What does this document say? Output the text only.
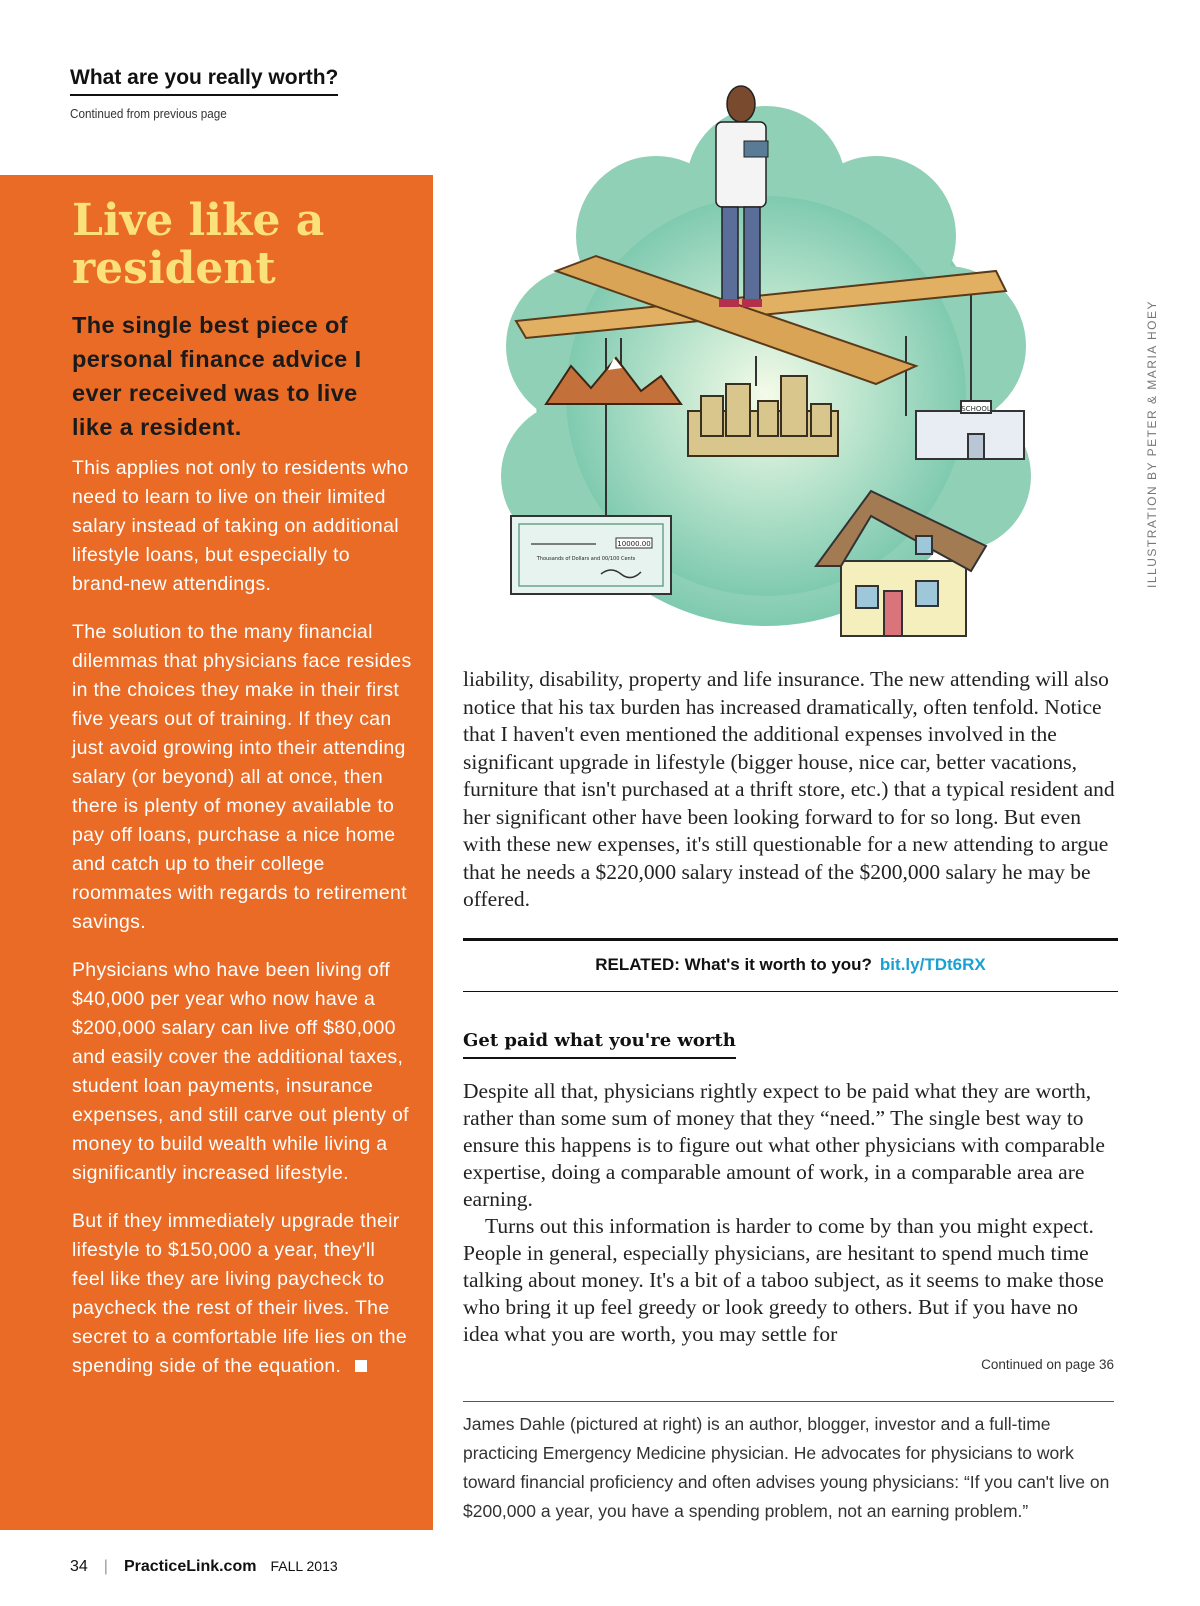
What are you really worth?
Continued from previous page
Live like a resident
The single best piece of personal finance advice I ever received was to live like a resident.

This applies not only to residents who need to learn to live on their limited salary instead of taking on additional lifestyle loans, but especially to brand-new attendings.

The solution to the many financial dilemmas that physicians face resides in the choices they make in their first five years out of training. If they can just avoid growing into their attending salary (or beyond) all at once, then there is plenty of money available to pay off loans, purchase a nice home and catch up to their college roommates with regards to retirement savings.

Physicians who have been living off $40,000 per year who now have a $200,000 salary can live off $80,000 and easily cover the additional taxes, student loan payments, insurance expenses, and still carve out plenty of money to build wealth while living a significantly increased lifestyle.

But if they immediately upgrade their lifestyle to $150,000 a year, they'll feel like they are living paycheck to paycheck the rest of their lives. The secret to a comfortable life lies on the spending side of the equation.

SCHOOL
10000.00
Thousands of Dollars and 00/100 Cents	ILLUSTRATION BY PETER & MARIA HOEY
liability, disability, property and life insurance. The new attending will also notice that his tax burden has increased dramatically, often tenfold. Notice that I haven't even mentioned the additional expenses involved in the significant upgrade in lifestyle (bigger house, nice car, better vacations, furniture that isn't purchased at a thrift store, etc.) that a typical resident and her significant other have been looking forward to for so long. But even with these new expenses, it's still questionable for a new attending to argue that he needs a $220,000 salary instead of the $200,000 salary he may be offered.
RELATED: What's it worth to you? bit.ly/TDt6RX
Get paid what you're worth

Despite all that, physicians rightly expect to be paid what they are worth, rather than some sum of money that they “need.” The single best way to ensure this happens is to figure out what other physicians with comparable expertise, doing a comparable amount of work, in a comparable area are earning.

Turns out this information is harder to come by than you might expect. People in general, especially physicians, are hesitant to spend much time talking about money. It's a bit of a taboo subject, as it seems to make those who bring it up feel greedy or look greedy to others. But if you have no idea what you are worth, you may settle for

Continued on page 36
James Dahle (pictured at right) is an author, blogger, investor and a full-time practicing Emergency Medicine physician. He advocates for physicians to work toward financial proficiency and often advises young physicians: “If you can't live on $200,000 a year, you have a spending problem, not an earning problem.”
34 | PracticeLink.com FALL 2013
